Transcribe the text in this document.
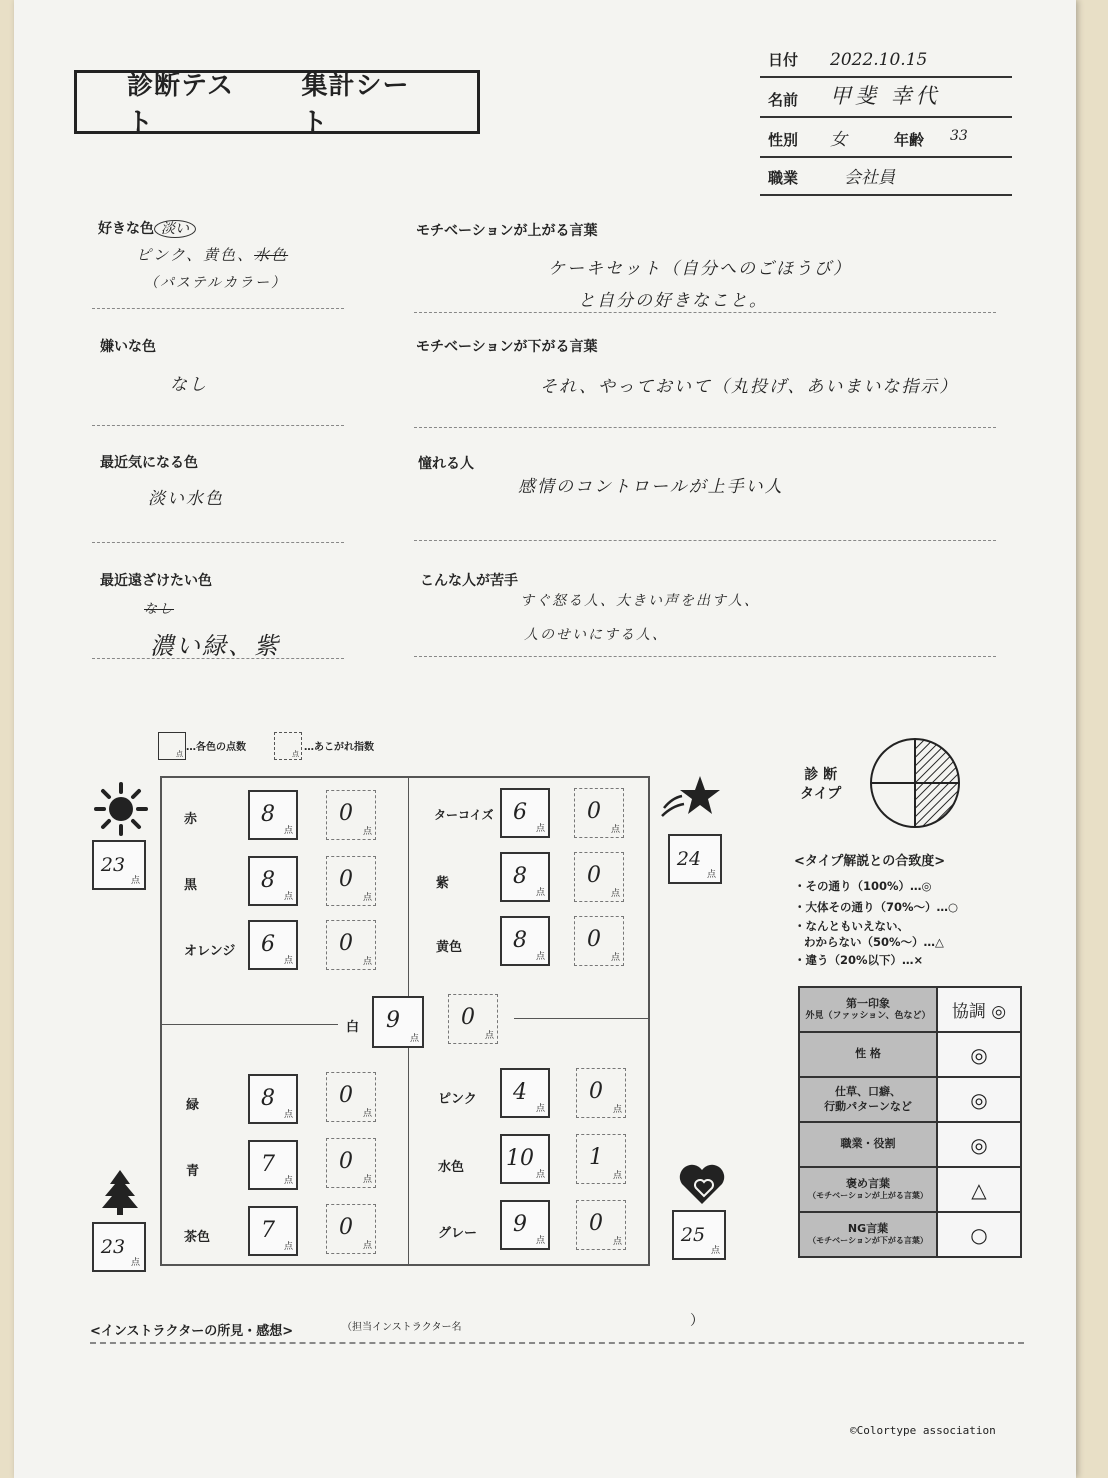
診断テスト
集計シート
日付 2022.10.15
名前 甲斐 幸代
性別 女	年齢 33
職業	会社員
好きな色 淡い
ピンク、黄色、水色
（パステルカラー）
嫌いな色
なし
最近気になる色
淡い水色
最近遠ざけたい色
なし
濃い緑、紫
モチベーションが上がる言葉
ケーキセット（自分へのごほうび）
と自分の好きなこと。
モチベーションが下がる言葉
それ、やっておいて（丸投げ、あいまいな指示）
憧れる人
感情のコントロールが上手い人
こんな人が苦手
すぐ怒る人、大きい声を出す人、
人のせいにする人、
点
…各色の点数
点
…あこがれ指数
23
点
24
点
23
点
25
点
赤	8
点
0
点
黒	8
点
0
点
オレンジ	6
点
0
点
ターコイズ 6
点
0
点
紫	8
点
0
点
黄色	8
点
0
点
白	9
点
0
点
緑	8
点
0
点
青	7
点
0
点
茶色	7
点
0
点
ピンク	4
点
0
点
水色 10
点
1
点
グレー	9
点
0
点
診 断
タイプ
<タイプ解説との合致度>
・その通り（100%）…◎
・大体その通り（70%〜）…○
・なんともいえない、
わからない（50%〜）…△
・違う（20%以下）…×
第一印象
外見（ファッション、色など）	協調 ◎

性 格	◎

仕草、口癖、
行動パターンなど	◎

職業・役割	◎

褒め言葉
（モチベーションが上がる言葉）	△

NG言葉
（モチベーションが下がる言葉）	○
<インストラクターの所見・感想>	（担当インストラクター名	）
©Colortype association
